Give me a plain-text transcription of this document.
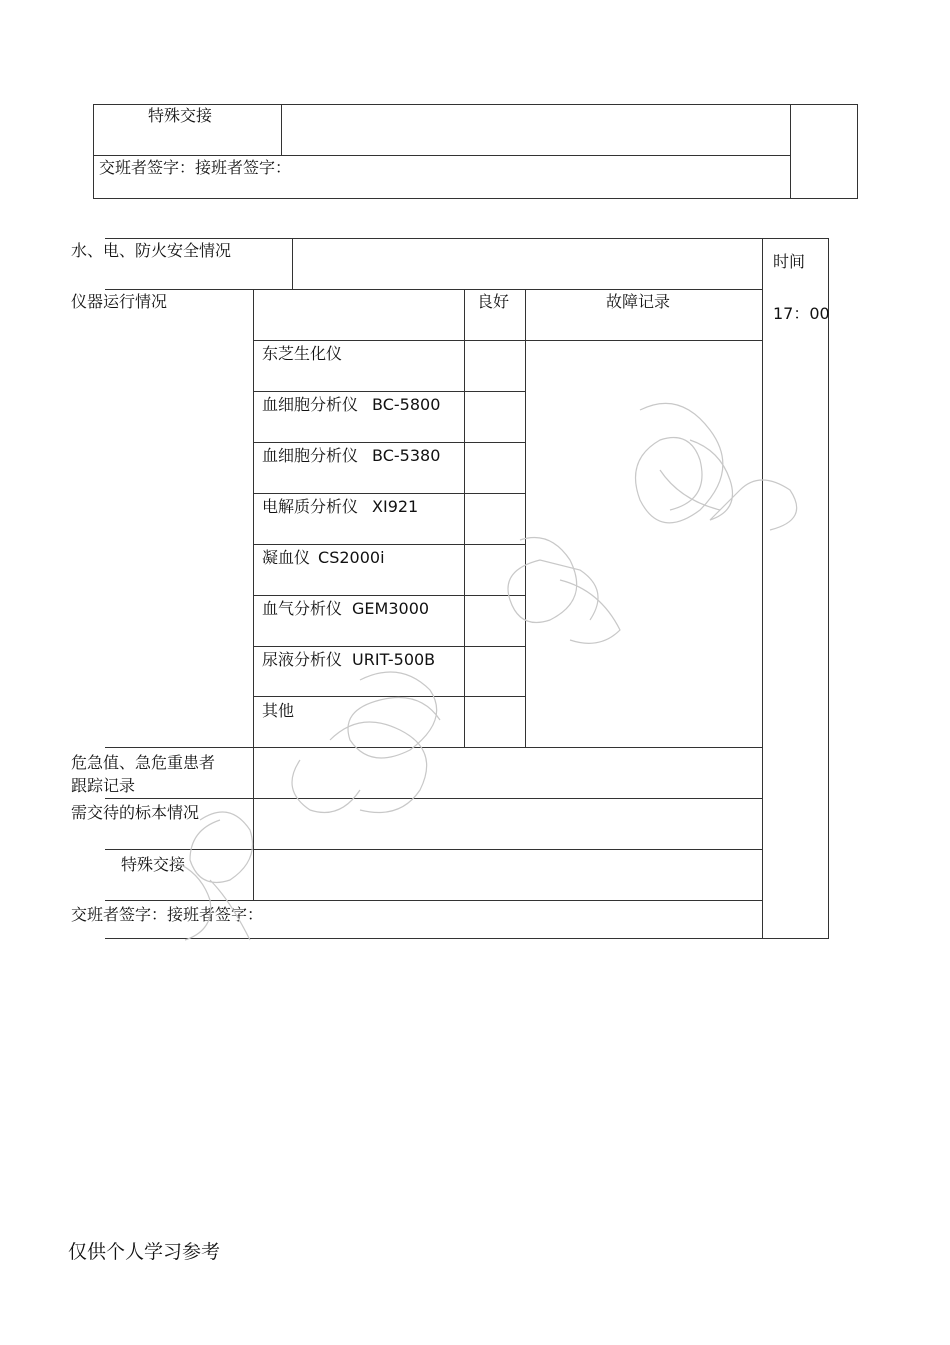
特殊交接
交班者签字：接班者签字：
水、电、防火安全情况
时间
17：00
仪器运行情况	良好	故障记录
东芝生化仪
血细胞分析仪 BC-5800
血细胞分析仪 BC-5380
电解质分析仪 XI921
凝血仪 CS2000i
血气分析仪 GEM3000
尿液分析仪 URIT-500B
其他
危急值、急危重患者
跟踪记录
需交待的标本情况
特殊交接
交班者签字：接班者签字：
仅供个人学习参考
